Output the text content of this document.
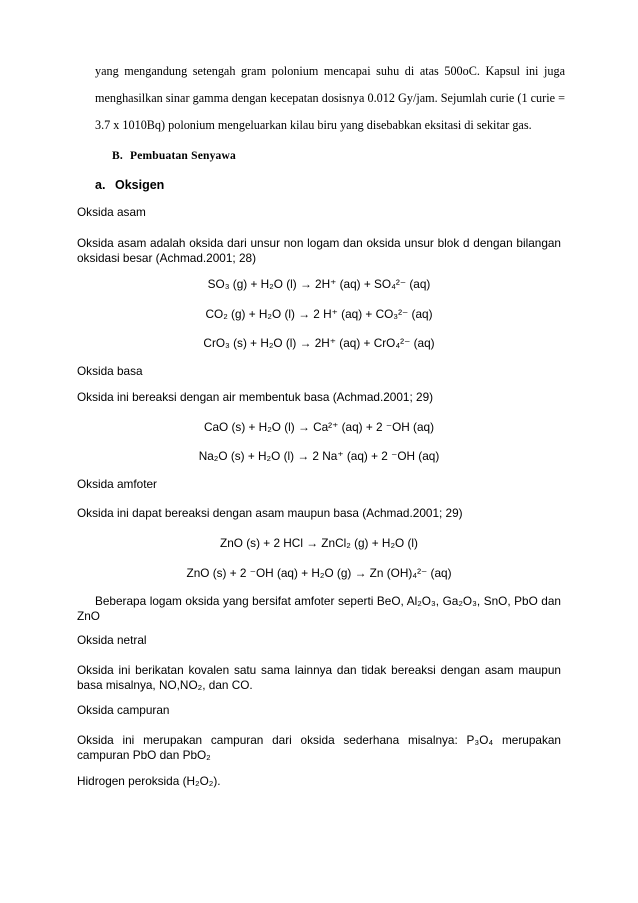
yang mengandung setengah gram polonium mencapai suhu di atas 500oC. Kapsul ini juga

menghasilkan sinar gamma dengan kecepatan dosisnya 0.012 Gy/jam. Sejumlah curie (1 curie =

3.7 x 1010Bq) polonium mengeluarkan kilau biru yang disebabkan eksitasi di sekitar gas.

B. Pembuatan Senyawa
a. Oksigen
Oksida asam
Oksida asam adalah oksida dari unsur non logam dan oksida unsur blok d dengan bilangan oksidasi besar (Achmad.2001; 28)
SO₃ (g) + H₂O (l) → 2H⁺ (aq) + SO₄²⁻ (aq)
CO₂ (g) + H₂O (l) → 2 H⁺ (aq) + CO₃²⁻ (aq)
CrO₃ (s) + H₂O (l) → 2H⁺ (aq) + CrO₄²⁻ (aq)
Oksida basa
Oksida ini bereaksi dengan air membentuk basa (Achmad.2001; 29)
CaO (s) + H₂O (l) → Ca²⁺ (aq) + 2 ⁻OH (aq)
Na₂O (s) + H₂O (l) → 2 Na⁺ (aq) + 2 ⁻OH (aq)
Oksida amfoter
Oksida ini dapat bereaksi dengan asam maupun basa (Achmad.2001; 29)
ZnO (s) + 2 HCl → ZnCl₂ (g) + H₂O (l)
ZnO (s) + 2 ⁻OH (aq) + H₂O (g) → Zn (OH)₄²⁻ (aq)
Beberapa logam oksida yang bersifat amfoter seperti BeO, Al₂O₃, Ga₂O₃, SnO, PbO dan ZnO
Oksida netral
Oksida ini berikatan kovalen satu sama lainnya dan tidak bereaksi dengan asam maupun basa misalnya, NO,NO₂, dan CO.
Oksida campuran
Oksida ini merupakan campuran dari oksida sederhana misalnya: P₃O₄ merupakan campuran PbO dan PbO₂
Hidrogen peroksida (H₂O₂).
